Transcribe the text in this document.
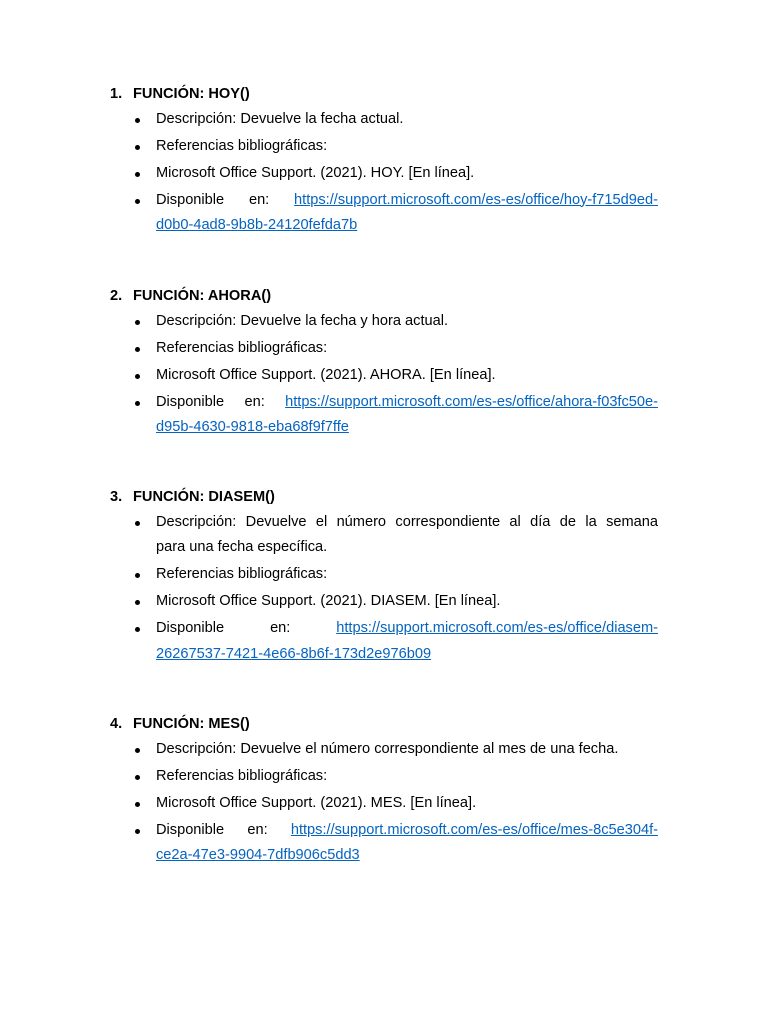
1. FUNCIÓN: HOY()
Descripción: Devuelve la fecha actual.
Referencias bibliográficas:
Microsoft Office Support. (2021). HOY. [En línea].
Disponible en: https://support.microsoft.com/es-es/office/hoy-f715d9ed-
d0b0-4ad8-9b8b-24120fefda7b
2. FUNCIÓN: AHORA()
Descripción: Devuelve la fecha y hora actual.
Referencias bibliográficas:
Microsoft Office Support. (2021). AHORA. [En línea].
Disponible en: https://support.microsoft.com/es-es/office/ahora-f03fc50e-
d95b-4630-9818-eba68f9f7ffe
3. FUNCIÓN: DIASEM()
Descripción: Devuelve el número correspondiente al día de la semana
para una fecha específica.
Referencias bibliográficas:
Microsoft Office Support. (2021). DIASEM. [En línea].
Disponible	en:	https://support.microsoft.com/es-es/office/diasem-
26267537-7421-4e66-8b6f-173d2e976b09
4. FUNCIÓN: MES()
Descripción: Devuelve el número correspondiente al mes de una fecha.
Referencias bibliográficas:
Microsoft Office Support. (2021). MES. [En línea].
Disponible en: https://support.microsoft.com/es-es/office/mes-8c5e304f-
ce2a-47e3-9904-7dfb906c5dd3
